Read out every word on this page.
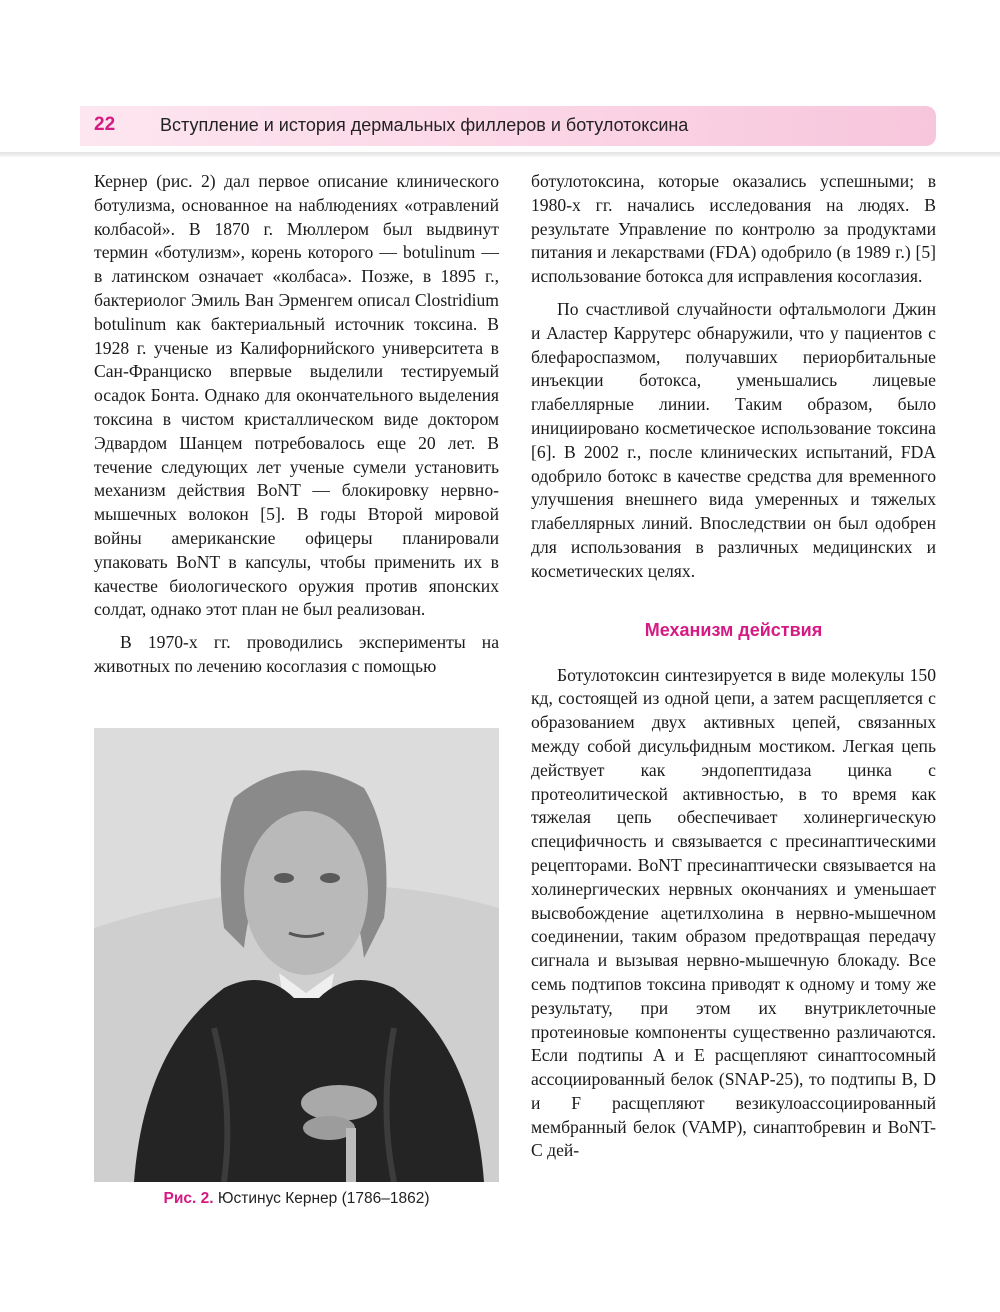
22 Вступление и история дермальных филлеров и ботулотоксина

Кернер (рис. 2) дал первое описание клинического ботулизма, основанное на наблюдениях «отравлений колбасой». В 1870 г. Мюллером был выдвинут термин «ботулизм», корень которого — botulinum — в латинском означает «колбаса». Позже, в 1895 г., бактериолог Эмиль Ван Эрменгем описал Clostridium botulinum как бактериальный источник токсина. В 1928 г. ученые из Калифорнийского университета в Сан-Франциско впервые выделили тестируемый осадок Бонта. Однако для окончательного выделения токсина в чистом кристаллическом виде доктором Эдвардом Шанцем потребовалось еще 20 лет. В течение следующих лет ученые сумели установить механизм действия BoNT — блокировку нервно-мышечных волокон [5]. В годы Второй мировой войны американские офицеры планировали упаковать BoNT в капсулы, чтобы применить их в качестве биологического оружия против японских солдат, однако этот план не был реализован.

В 1970-х гг. проводились эксперименты на животных по лечению косоглазия с помощью

Рис. 2. Юстинус Кернер (1786–1862)

ботулотоксина, которые оказались успешными; в 1980-х гг. начались исследования на людях. В результате Управление по контролю за продуктами питания и лекарствами (FDA) одобрило (в 1989 г.) [5] использование ботокса для исправления косоглазия.

По счастливой случайности офтальмологи Джин и Аластер Каррутерс обнаружили, что у пациентов с блефароспазмом, получавших периорбитальные инъекции ботокса, уменьшались лицевые глабеллярные линии. Таким образом, было инициировано косметическое использование токсина [6]. В 2002 г., после клинических испытаний, FDA одобрило ботокс в качестве средства для временного улучшения внешнего вида умеренных и тяжелых глабеллярных линий. Впоследствии он был одобрен для использования в различных медицинских и косметических целях.

Механизм действия

Ботулотоксин синтезируется в виде молекулы 150 кд, состоящей из одной цепи, а затем расщепляется с образованием двух активных цепей, связанных между собой дисульфидным мостиком. Легкая цепь действует как эндопептидаза цинка с протеолитической активностью, в то время как тяжелая цепь обеспечивает холинергическую специфичность и связывается с пресинаптическими рецепторами. BoNT пресинаптически связывается на холинергических нервных окончаниях и уменьшает высвобождение ацетилхолина в нервно-мышечном соединении, таким образом предотвращая передачу сигнала и вызывая нервно-мышечную блокаду. Все семь подтипов токсина приводят к одному и тому же результату, при этом их внутриклеточные протеиновые компоненты существенно различаются. Если подтипы A и E расщепляют синаптосомный ассоциированный белок (SNAP-25), то подтипы B, D и F расщепляют везикулоассоциированный мембранный белок (VAMP), синаптобревин и BoNT-C дей-
